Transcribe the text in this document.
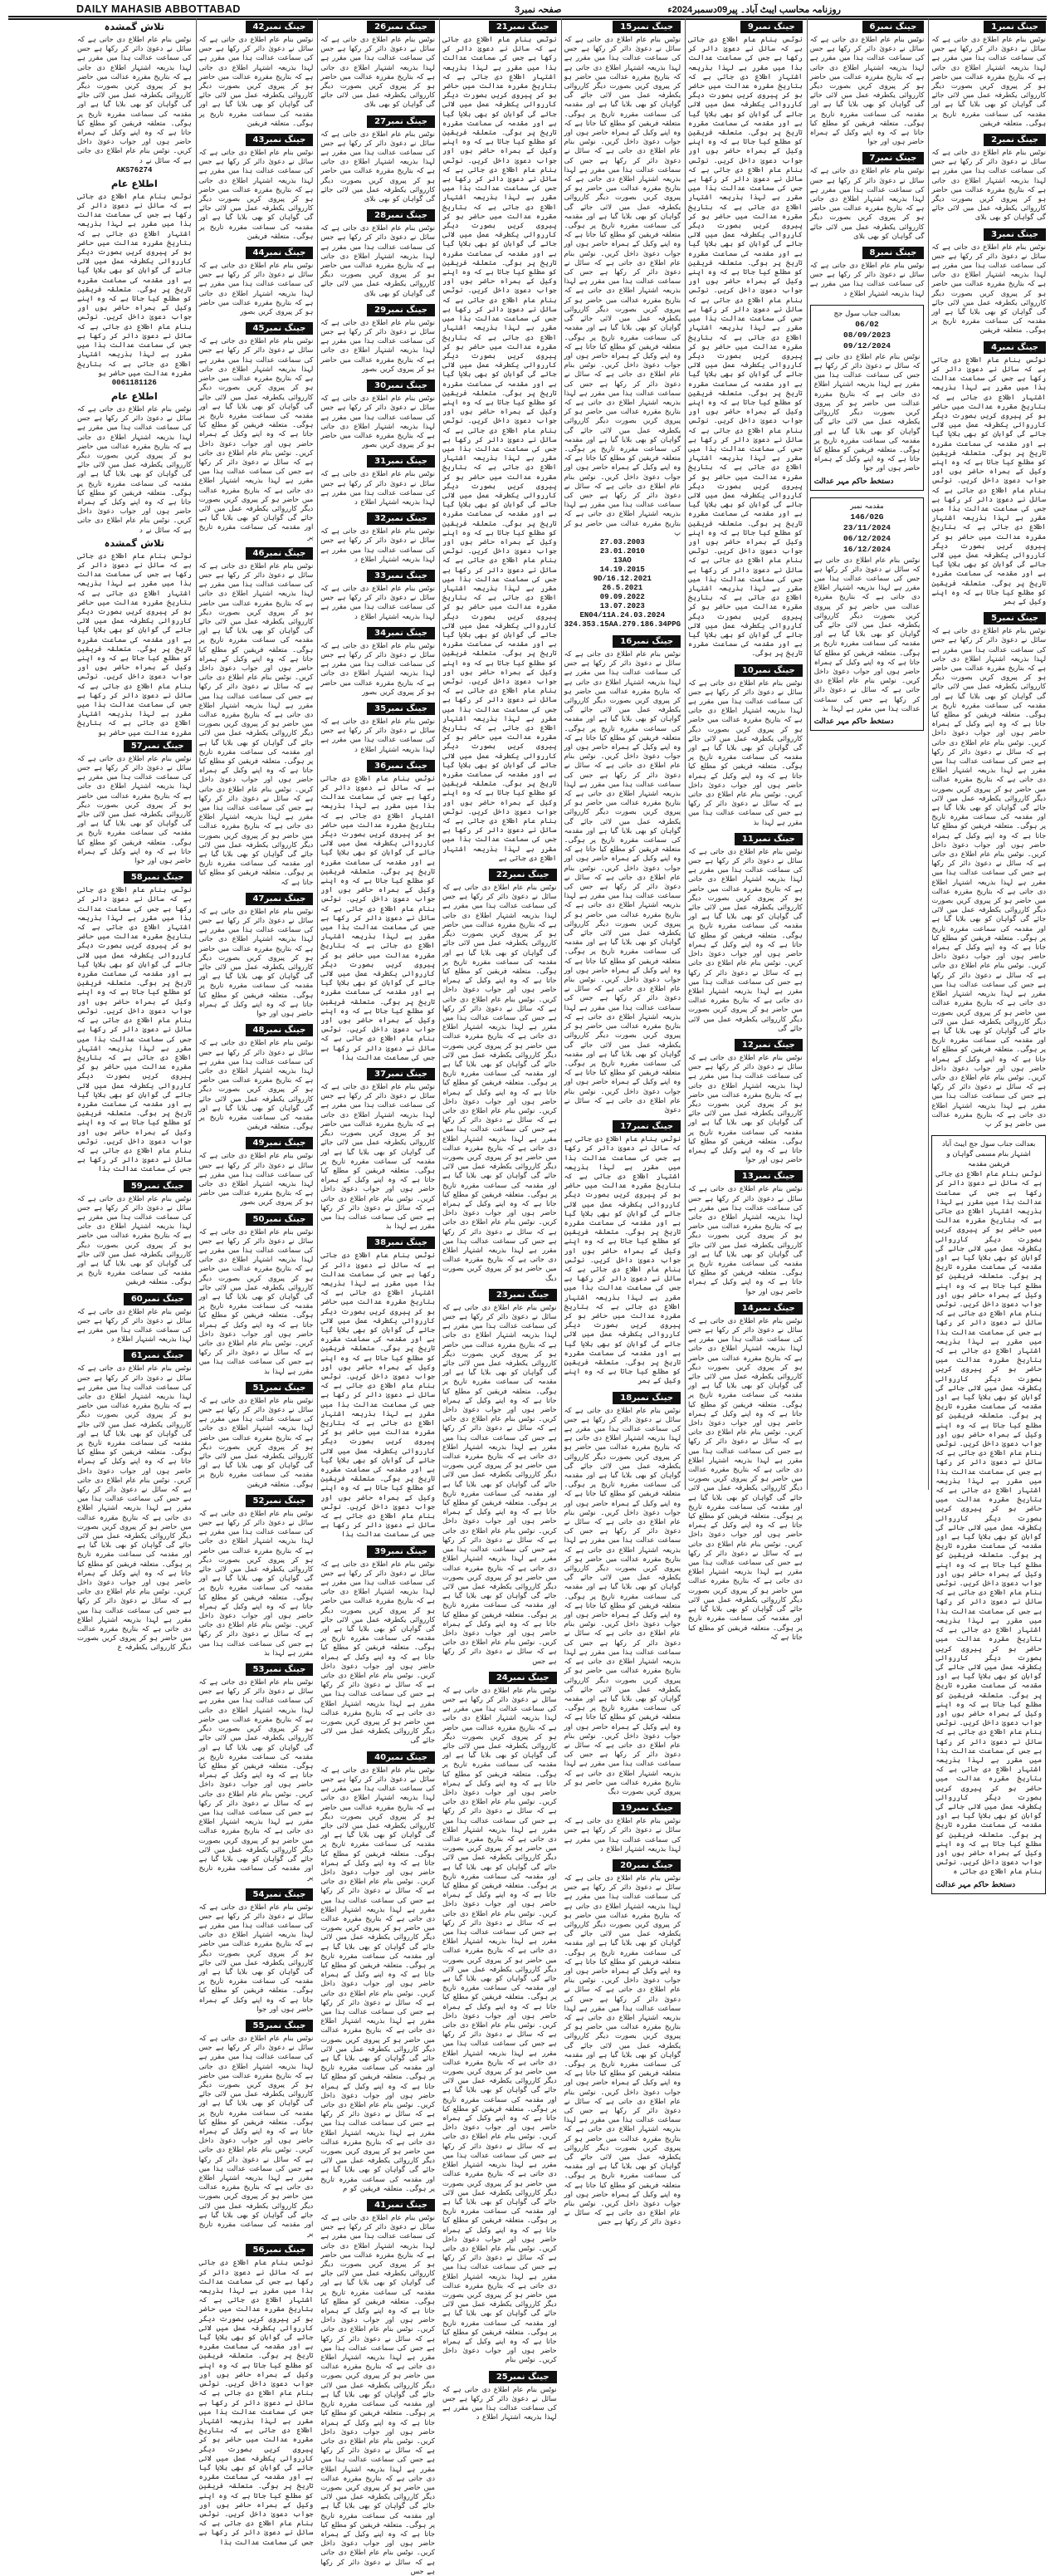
DAILY MAHASIB ABBOTTABAD	صفحہ نمبر3	روزنامہ محاسب ایبٹ آباد۔ پیر09دسمبر2024ء
جینگ نمبر1
نوٹس بنام عام اطلاع دی جاتی ہے کہ سائل نے دعویٰ دائر کر رکھا ہے جس کی سماعت عدالت ہذا میں مقرر ہے لہذا بذریعہ اشتہار اطلاع دی جاتی ہے کہ بتاریخ مقررہ عدالت میں حاضر ہو کر پیروی کریں بصورت دیگر کارروائی یکطرفہ عمل میں لائی جائے گی گواہان کو بھی بلایا گیا ہے اور مقدمہ کی سماعت مقررہ تاریخ پر ہوگی۔ متعلقہ فریقین
جینگ نمبر2
نوٹس بنام عام اطلاع دی جاتی ہے کہ سائل نے دعویٰ دائر کر رکھا ہے جس کی سماعت عدالت ہذا میں مقرر ہے لہذا بذریعہ اشتہار اطلاع دی جاتی ہے کہ بتاریخ مقررہ عدالت میں حاضر ہو کر پیروی کریں بصورت دیگر کارروائی یکطرفہ عمل میں لائی جائے گی گواہان کو بھی بلای
جینگ نمبر3
نوٹس بنام عام اطلاع دی جاتی ہے کہ سائل نے دعویٰ دائر کر رکھا ہے جس کی سماعت عدالت ہذا میں مقرر ہے لہذا بذریعہ اشتہار اطلاع دی جاتی ہے کہ بتاریخ مقررہ عدالت میں حاضر ہو کر پیروی کریں بصورت دیگر کارروائی یکطرفہ عمل میں لائی جائے گی گواہان کو بھی بلایا گیا ہے اور مقدمہ کی سماعت مقررہ تاریخ پر ہوگی۔ متعلقہ فریقین
جینگ نمبر4
نوٹس بنام عام اطلاع دی جاتی ہے کہ سائل نے دعویٰ دائر کر رکھا ہے جس کی سماعت عدالت ہذا میں مقرر ہے لہذا بذریعہ اشتہار اطلاع دی جاتی ہے کہ بتاریخ مقررہ عدالت میں حاضر ہو کر پیروی کریں بصورت دیگر کارروائی یکطرفہ عمل میں لائی جائے گی گواہان کو بھی بلایا گیا ہے اور مقدمہ کی سماعت مقررہ تاریخ پر ہوگی۔ متعلقہ فریقین کو مطلع کیا جاتا ہے کہ وہ اپنے وکیل کے ہمراہ حاضر ہوں اور جواب دعویٰ داخل کریں۔ نوٹس بنام عام اطلاع دی جاتی ہے کہ سائل نے دعویٰ دائر کر رکھا ہے جس کی سماعت عدالت ہذا میں مقرر ہے لہذا بذریعہ اشتہار اطلاع دی جاتی ہے کہ بتاریخ مقررہ عدالت میں حاضر ہو کر پیروی کریں بصورت دیگر کارروائی یکطرفہ عمل میں لائی جائے گی گواہان کو بھی بلایا گیا ہے اور مقدمہ کی سماعت مقررہ تاریخ پر ہوگی۔ متعلقہ فریقین کو مطلع کیا جاتا ہے کہ وہ اپنے وکیل کے ہمر
جینگ نمبر5
نوٹس بنام عام اطلاع دی جاتی ہے کہ سائل نے دعویٰ دائر کر رکھا ہے جس کی سماعت عدالت ہذا میں مقرر ہے لہذا بذریعہ اشتہار اطلاع دی جاتی ہے کہ بتاریخ مقررہ عدالت میں حاضر ہو کر پیروی کریں بصورت دیگر کارروائی یکطرفہ عمل میں لائی جائے گی گواہان کو بھی بلایا گیا ہے اور مقدمہ کی سماعت مقررہ تاریخ پر ہوگی۔ متعلقہ فریقین کو مطلع کیا جاتا ہے کہ وہ اپنے وکیل کے ہمراہ حاضر ہوں اور جواب دعویٰ داخل کریں۔ نوٹس بنام عام اطلاع دی جاتی ہے کہ سائل نے دعویٰ دائر کر رکھا ہے جس کی سماعت عدالت ہذا میں مقرر ہے لہذا بذریعہ اشتہار اطلاع دی جاتی ہے کہ بتاریخ مقررہ عدالت میں حاضر ہو کر پیروی کریں بصورت دیگر کارروائی یکطرفہ عمل میں لائی جائے گی گواہان کو بھی بلایا گیا ہے اور مقدمہ کی سماعت مقررہ تاریخ پر ہوگی۔ متعلقہ فریقین کو مطلع کیا جاتا ہے کہ وہ اپنے وکیل کے ہمراہ حاضر ہوں اور جواب دعویٰ داخل کریں۔ نوٹس بنام عام اطلاع دی جاتی ہے کہ سائل نے دعویٰ دائر کر رکھا ہے جس کی سماعت عدالت ہذا میں مقرر ہے لہذا بذریعہ اشتہار اطلاع دی جاتی ہے کہ بتاریخ مقررہ عدالت میں حاضر ہو کر پیروی کریں بصورت دیگر کارروائی یکطرفہ عمل میں لائی جائے گی گواہان کو بھی بلایا گیا ہے اور مقدمہ کی سماعت مقررہ تاریخ پر ہوگی۔ متعلقہ فریقین کو مطلع کیا جاتا ہے کہ وہ اپنے وکیل کے ہمراہ حاضر ہوں اور جواب دعویٰ داخل کریں۔ نوٹس بنام عام اطلاع دی جاتی ہے کہ سائل نے دعویٰ دائر کر رکھا ہے جس کی سماعت عدالت ہذا میں مقرر ہے لہذا بذریعہ اشتہار اطلاع دی جاتی ہے کہ بتاریخ مقررہ عدالت میں حاضر ہو کر پیروی کریں بصورت دیگر کارروائی یکطرفہ عمل میں لائی جائے گی گواہان کو بھی بلایا گیا ہے اور مقدمہ کی سماعت مقررہ تاریخ پر ہوگی۔ متعلقہ فریقین کو مطلع کیا جاتا ہے کہ وہ اپنے وکیل کے ہمراہ حاضر ہوں اور جواب دعویٰ داخل کریں۔ نوٹس بنام عام اطلاع دی جاتی ہے کہ سائل نے دعویٰ دائر کر رکھا ہے جس کی سماعت عدالت ہذا میں مقرر ہے لہذا بذریعہ اشتہار اطلاع دی جاتی ہے کہ بتاریخ مقررہ عدالت میں حاضر ہو کر پ
بعدالت جناب سول جج ایبٹ آباد اشتہار بنام مسمی گواہان و فریقین مقدمہ
نوٹس بنام عام اطلاع دی جاتی ہے کہ سائل نے دعویٰ دائر کر رکھا ہے جس کی سماعت عدالت ہذا میں مقرر ہے لہذا بذریعہ اشتہار اطلاع دی جاتی ہے کہ بتاریخ مقررہ عدالت میں حاضر ہو کر پیروی کریں بصورت دیگر کارروائی یکطرفہ عمل میں لائی جائے گی گواہان کو بھی بلایا گیا ہے اور مقدمہ کی سماعت مقررہ تاریخ پر ہوگی۔ متعلقہ فریقین کو مطلع کیا جاتا ہے کہ وہ اپنے وکیل کے ہمراہ حاضر ہوں اور جواب دعویٰ داخل کریں۔ نوٹس بنام عام اطلاع دی جاتی ہے کہ سائل نے دعویٰ دائر کر رکھا ہے جس کی سماعت عدالت ہذا میں مقرر ہے لہذا بذریعہ اشتہار اطلاع دی جاتی ہے کہ بتاریخ مقررہ عدالت میں حاضر ہو کر پیروی کریں بصورت دیگر کارروائی یکطرفہ عمل میں لائی جائے گی گواہان کو بھی بلایا گیا ہے اور مقدمہ کی سماعت مقررہ تاریخ پر ہوگی۔ متعلقہ فریقین کو مطلع کیا جاتا ہے کہ وہ اپنے وکیل کے ہمراہ حاضر ہوں اور جواب دعویٰ داخل کریں۔ نوٹس بنام عام اطلاع دی جاتی ہے کہ سائل نے دعویٰ دائر کر رکھا ہے جس کی سماعت عدالت ہذا میں مقرر ہے لہذا بذریعہ اشتہار اطلاع دی جاتی ہے کہ بتاریخ مقررہ عدالت میں حاضر ہو کر پیروی کریں بصورت دیگر کارروائی یکطرفہ عمل میں لائی جائے گی گواہان کو بھی بلایا گیا ہے اور مقدمہ کی سماعت مقررہ تاریخ پر ہوگی۔ متعلقہ فریقین کو مطلع کیا جاتا ہے کہ وہ اپنے وکیل کے ہمراہ حاضر ہوں اور جواب دعویٰ داخل کریں۔ نوٹس بنام عام اطلاع دی جاتی ہے کہ سائل نے دعویٰ دائر کر رکھا ہے جس کی سماعت عدالت ہذا میں مقرر ہے لہذا بذریعہ اشتہار اطلاع دی جاتی ہے کہ بتاریخ مقررہ عدالت میں حاضر ہو کر پیروی کریں بصورت دیگر کارروائی یکطرفہ عمل میں لائی جائے گی گواہان کو بھی بلایا گیا ہے اور مقدمہ کی سماعت مقررہ تاریخ پر ہوگی۔ متعلقہ فریقین کو مطلع کیا جاتا ہے کہ وہ اپنے وکیل کے ہمراہ حاضر ہوں اور جواب دعویٰ داخل کریں۔ نوٹس بنام عام اطلاع دی جاتی ہے کہ سائل نے دعویٰ دائر کر رکھا ہے جس کی سماعت عدالت ہذا میں مقرر ہے لہذا بذریعہ اشتہار اطلاع دی جاتی ہے کہ بتاریخ مقررہ عدالت میں حاضر ہو کر پیروی کریں بصورت دیگر کارروائی یکطرفہ عمل میں لائی جائے گی گواہان کو بھی بلایا گیا ہے اور مقدمہ کی سماعت مقررہ تاریخ پر ہوگی۔ متعلقہ فریقین کو مطلع کیا جاتا ہے کہ وہ اپنے وکیل کے ہمراہ حاضر ہوں اور جواب دعویٰ داخل کریں۔ نوٹس بنام عام اطلاع دی جاتی ہ
دستخط حاکم مہر عدالت
جینگ نمبر6
نوٹس بنام عام اطلاع دی جاتی ہے کہ سائل نے دعویٰ دائر کر رکھا ہے جس کی سماعت عدالت ہذا میں مقرر ہے لہذا بذریعہ اشتہار اطلاع دی جاتی ہے کہ بتاریخ مقررہ عدالت میں حاضر ہو کر پیروی کریں بصورت دیگر کارروائی یکطرفہ عمل میں لائی جائے گی گواہان کو بھی بلایا گیا ہے اور مقدمہ کی سماعت مقررہ تاریخ پر ہوگی۔ متعلقہ فریقین کو مطلع کیا جاتا ہے کہ وہ اپنے وکیل کے ہمراہ حاضر ہوں اور جوا
جینگ نمبر7
نوٹس بنام عام اطلاع دی جاتی ہے کہ سائل نے دعویٰ دائر کر رکھا ہے جس کی سماعت عدالت ہذا میں مقرر ہے لہذا بذریعہ اشتہار اطلاع دی جاتی ہے کہ بتاریخ مقررہ عدالت میں حاضر ہو کر پیروی کریں بصورت دیگر کارروائی یکطرفہ عمل میں لائی جائے گی گواہان کو بھی بلای
جینگ نمبر8
نوٹس بنام عام اطلاع دی جاتی ہے کہ سائل نے دعویٰ دائر کر رکھا ہے جس کی سماعت عدالت ہذا میں مقرر ہے لہذا بذریعہ اشتہار اطلاع د
بعدالت جناب سول جج
06/02
08/09/2023
09/12/2024
نوٹس بنام عام اطلاع دی جاتی ہے کہ سائل نے دعویٰ دائر کر رکھا ہے جس کی سماعت عدالت ہذا میں مقرر ہے لہذا بذریعہ اشتہار اطلاع دی جاتی ہے کہ بتاریخ مقررہ عدالت میں حاضر ہو کر پیروی کریں بصورت دیگر کارروائی یکطرفہ عمل میں لائی جائے گی گواہان کو بھی بلایا گیا ہے اور مقدمہ کی سماعت مقررہ تاریخ پر ہوگی۔ متعلقہ فریقین کو مطلع کیا جاتا ہے کہ وہ اپنے وکیل کے ہمراہ حاضر ہوں اور جوا
دستخط حاکم مہر عدالت
مقدمہ نمبر
146/02G
23/11/2024
06/12/2024
16/12/2024
نوٹس بنام عام اطلاع دی جاتی ہے کہ سائل نے دعویٰ دائر کر رکھا ہے جس کی سماعت عدالت ہذا میں مقرر ہے لہذا بذریعہ اشتہار اطلاع دی جاتی ہے کہ بتاریخ مقررہ عدالت میں حاضر ہو کر پیروی کریں بصورت دیگر کارروائی یکطرفہ عمل میں لائی جائے گی گواہان کو بھی بلایا گیا ہے اور مقدمہ کی سماعت مقررہ تاریخ پر ہوگی۔ متعلقہ فریقین کو مطلع کیا جاتا ہے کہ وہ اپنے وکیل کے ہمراہ حاضر ہوں اور جواب دعویٰ داخل کریں۔ نوٹس بنام عام اطلاع دی جاتی ہے کہ سائل نے دعویٰ دائر کر رکھا ہے جس کی سماعت عدالت ہذا میں مقرر ہے لہذا بذ
دستخط حاکم مہر عدالت
جینگ نمبر9
نوٹس بنام عام اطلاع دی جاتی ہے کہ سائل نے دعویٰ دائر کر رکھا ہے جس کی سماعت عدالت ہذا میں مقرر ہے لہذا بذریعہ اشتہار اطلاع دی جاتی ہے کہ بتاریخ مقررہ عدالت میں حاضر ہو کر پیروی کریں بصورت دیگر کارروائی یکطرفہ عمل میں لائی جائے گی گواہان کو بھی بلایا گیا ہے اور مقدمہ کی سماعت مقررہ تاریخ پر ہوگی۔ متعلقہ فریقین کو مطلع کیا جاتا ہے کہ وہ اپنے وکیل کے ہمراہ حاضر ہوں اور جواب دعویٰ داخل کریں۔ نوٹس بنام عام اطلاع دی جاتی ہے کہ سائل نے دعویٰ دائر کر رکھا ہے جس کی سماعت عدالت ہذا میں مقرر ہے لہذا بذریعہ اشتہار اطلاع دی جاتی ہے کہ بتاریخ مقررہ عدالت میں حاضر ہو کر پیروی کریں بصورت دیگر کارروائی یکطرفہ عمل میں لائی جائے گی گواہان کو بھی بلایا گیا ہے اور مقدمہ کی سماعت مقررہ تاریخ پر ہوگی۔ متعلقہ فریقین کو مطلع کیا جاتا ہے کہ وہ اپنے وکیل کے ہمراہ حاضر ہوں اور جواب دعویٰ داخل کریں۔ نوٹس بنام عام اطلاع دی جاتی ہے کہ سائل نے دعویٰ دائر کر رکھا ہے جس کی سماعت عدالت ہذا میں مقرر ہے لہذا بذریعہ اشتہار اطلاع دی جاتی ہے کہ بتاریخ مقررہ عدالت میں حاضر ہو کر پیروی کریں بصورت دیگر کارروائی یکطرفہ عمل میں لائی جائے گی گواہان کو بھی بلایا گیا ہے اور مقدمہ کی سماعت مقررہ تاریخ پر ہوگی۔ متعلقہ فریقین کو مطلع کیا جاتا ہے کہ وہ اپنے وکیل کے ہمراہ حاضر ہوں اور جواب دعویٰ داخل کریں۔ نوٹس بنام عام اطلاع دی جاتی ہے کہ سائل نے دعویٰ دائر کر رکھا ہے جس کی سماعت عدالت ہذا میں مقرر ہے لہذا بذریعہ اشتہار اطلاع دی جاتی ہے کہ بتاریخ مقررہ عدالت میں حاضر ہو کر پیروی کریں بصورت دیگر کارروائی یکطرفہ عمل میں لائی جائے گی گواہان کو بھی بلایا گیا ہے اور مقدمہ کی سماعت مقررہ تاریخ پر ہوگی۔ متعلقہ فریقین کو مطلع کیا جاتا ہے کہ وہ اپنے وکیل کے ہمراہ حاضر ہوں اور جواب دعویٰ داخل کریں۔ نوٹس بنام عام اطلاع دی جاتی ہے کہ سائل نے دعویٰ دائر کر رکھا ہے جس کی سماعت عدالت ہذا میں مقرر ہے لہذا بذریعہ اشتہار اطلاع دی جاتی ہے کہ بتاریخ مقررہ عدالت میں حاضر ہو کر پیروی کریں بصورت دیگر کارروائی یکطرفہ عمل میں لائی جائے گی گواہان کو بھی بلایا گیا ہے اور مقدمہ کی سماعت مقررہ تاریخ پر ہوگی۔
جینگ نمبر10
نوٹس بنام عام اطلاع دی جاتی ہے کہ سائل نے دعویٰ دائر کر رکھا ہے جس کی سماعت عدالت ہذا میں مقرر ہے لہذا بذریعہ اشتہار اطلاع دی جاتی ہے کہ بتاریخ مقررہ عدالت میں حاضر ہو کر پیروی کریں بصورت دیگر کارروائی یکطرفہ عمل میں لائی جائے گی گواہان کو بھی بلایا گیا ہے اور مقدمہ کی سماعت مقررہ تاریخ پر ہوگی۔ متعلقہ فریقین کو مطلع کیا جاتا ہے کہ وہ اپنے وکیل کے ہمراہ حاضر ہوں اور جواب دعویٰ داخل کریں۔ نوٹس بنام عام اطلاع دی جاتی ہے کہ سائل نے دعویٰ دائر کر رکھا ہے جس کی سماعت عدالت ہذا میں مقرر ہے لہذا بذ
جینگ نمبر11
نوٹس بنام عام اطلاع دی جاتی ہے کہ سائل نے دعویٰ دائر کر رکھا ہے جس کی سماعت عدالت ہذا میں مقرر ہے لہذا بذریعہ اشتہار اطلاع دی جاتی ہے کہ بتاریخ مقررہ عدالت میں حاضر ہو کر پیروی کریں بصورت دیگر کارروائی یکطرفہ عمل میں لائی جائے گی گواہان کو بھی بلایا گیا ہے اور مقدمہ کی سماعت مقررہ تاریخ پر ہوگی۔ متعلقہ فریقین کو مطلع کیا جاتا ہے کہ وہ اپنے وکیل کے ہمراہ حاضر ہوں اور جواب دعویٰ داخل کریں۔ نوٹس بنام عام اطلاع دی جاتی ہے کہ سائل نے دعویٰ دائر کر رکھا ہے جس کی سماعت عدالت ہذا میں مقرر ہے لہذا بذریعہ اشتہار اطلاع دی جاتی ہے کہ بتاریخ مقررہ عدالت میں حاضر ہو کر پیروی کریں بصورت دیگر کارروائی یکطرفہ عمل میں لائی جائے گی
جینگ نمبر12
نوٹس بنام عام اطلاع دی جاتی ہے کہ سائل نے دعویٰ دائر کر رکھا ہے جس کی سماعت عدالت ہذا میں مقرر ہے لہذا بذریعہ اشتہار اطلاع دی جاتی ہے کہ بتاریخ مقررہ عدالت میں حاضر ہو کر پیروی کریں بصورت دیگر کارروائی یکطرفہ عمل میں لائی جائے گی گواہان کو بھی بلایا گیا ہے اور مقدمہ کی سماعت مقررہ تاریخ پر ہوگی۔ متعلقہ فریقین کو مطلع کیا جاتا ہے کہ وہ اپنے وکیل کے ہمراہ حاضر ہوں اور جوا
جینگ نمبر13
نوٹس بنام عام اطلاع دی جاتی ہے کہ سائل نے دعویٰ دائر کر رکھا ہے جس کی سماعت عدالت ہذا میں مقرر ہے لہذا بذریعہ اشتہار اطلاع دی جاتی ہے کہ بتاریخ مقررہ عدالت میں حاضر ہو کر پیروی کریں بصورت دیگر کارروائی یکطرفہ عمل میں لائی جائے گی گواہان کو بھی بلایا گیا ہے اور مقدمہ کی سماعت مقررہ تاریخ پر ہوگی۔ متعلقہ فریقین کو مطلع کیا جاتا ہے کہ وہ اپنے وکیل کے ہمراہ حاضر ہوں اور جوا
جینگ نمبر14
نوٹس بنام عام اطلاع دی جاتی ہے کہ سائل نے دعویٰ دائر کر رکھا ہے جس کی سماعت عدالت ہذا میں مقرر ہے لہذا بذریعہ اشتہار اطلاع دی جاتی ہے کہ بتاریخ مقررہ عدالت میں حاضر ہو کر پیروی کریں بصورت دیگر کارروائی یکطرفہ عمل میں لائی جائے گی گواہان کو بھی بلایا گیا ہے اور مقدمہ کی سماعت مقررہ تاریخ پر ہوگی۔ متعلقہ فریقین کو مطلع کیا جاتا ہے کہ وہ اپنے وکیل کے ہمراہ حاضر ہوں اور جواب دعویٰ داخل کریں۔ نوٹس بنام عام اطلاع دی جاتی ہے کہ سائل نے دعویٰ دائر کر رکھا ہے جس کی سماعت عدالت ہذا میں مقرر ہے لہذا بذریعہ اشتہار اطلاع دی جاتی ہے کہ بتاریخ مقررہ عدالت میں حاضر ہو کر پیروی کریں بصورت دیگر کارروائی یکطرفہ عمل میں لائی جائے گی گواہان کو بھی بلایا گیا ہے اور مقدمہ کی سماعت مقررہ تاریخ پر ہوگی۔ متعلقہ فریقین کو مطلع کیا جاتا ہے کہ وہ اپنے وکیل کے ہمراہ حاضر ہوں اور جواب دعویٰ داخل کریں۔ نوٹس بنام عام اطلاع دی جاتی ہے کہ سائل نے دعویٰ دائر کر رکھا ہے جس کی سماعت عدالت ہذا میں مقرر ہے لہذا بذریعہ اشتہار اطلاع دی جاتی ہے کہ بتاریخ مقررہ عدالت میں حاضر ہو کر پیروی کریں بصورت دیگر کارروائی یکطرفہ عمل میں لائی جائے گی گواہان کو بھی بلایا گیا ہے اور مقدمہ کی سماعت مقررہ تاریخ پر ہوگی۔ متعلقہ فریقین کو مطلع کیا جاتا ہے کہ
جینگ نمبر15
نوٹس بنام عام اطلاع دی جاتی ہے کہ سائل نے دعویٰ دائر کر رکھا ہے جس کی سماعت عدالت ہذا میں مقرر ہے لہذا بذریعہ اشتہار اطلاع دی جاتی ہے کہ بتاریخ مقررہ عدالت میں حاضر ہو کر پیروی کریں بصورت دیگر کارروائی یکطرفہ عمل میں لائی جائے گی گواہان کو بھی بلایا گیا ہے اور مقدمہ کی سماعت مقررہ تاریخ پر ہوگی۔ متعلقہ فریقین کو مطلع کیا جاتا ہے کہ وہ اپنے وکیل کے ہمراہ حاضر ہوں اور جواب دعویٰ داخل کریں۔ نوٹس بنام عام اطلاع دی جاتی ہے کہ سائل نے دعویٰ دائر کر رکھا ہے جس کی سماعت عدالت ہذا میں مقرر ہے لہذا بذریعہ اشتہار اطلاع دی جاتی ہے کہ بتاریخ مقررہ عدالت میں حاضر ہو کر پیروی کریں بصورت دیگر کارروائی یکطرفہ عمل میں لائی جائے گی گواہان کو بھی بلایا گیا ہے اور مقدمہ کی سماعت مقررہ تاریخ پر ہوگی۔ متعلقہ فریقین کو مطلع کیا جاتا ہے کہ وہ اپنے وکیل کے ہمراہ حاضر ہوں اور جواب دعویٰ داخل کریں۔ نوٹس بنام عام اطلاع دی جاتی ہے کہ سائل نے دعویٰ دائر کر رکھا ہے جس کی سماعت عدالت ہذا میں مقرر ہے لہذا بذریعہ اشتہار اطلاع دی جاتی ہے کہ بتاریخ مقررہ عدالت میں حاضر ہو کر پیروی کریں بصورت دیگر کارروائی یکطرفہ عمل میں لائی جائے گی گواہان کو بھی بلایا گیا ہے اور مقدمہ کی سماعت مقررہ تاریخ پر ہوگی۔ متعلقہ فریقین کو مطلع کیا جاتا ہے کہ وہ اپنے وکیل کے ہمراہ حاضر ہوں اور جواب دعویٰ داخل کریں۔ نوٹس بنام عام اطلاع دی جاتی ہے کہ سائل نے دعویٰ دائر کر رکھا ہے جس کی سماعت عدالت ہذا میں مقرر ہے لہذا بذریعہ اشتہار اطلاع دی جاتی ہے کہ بتاریخ مقررہ عدالت میں حاضر ہو کر پیروی کریں بصورت دیگر کارروائی یکطرفہ عمل میں لائی جائے گی گواہان کو بھی بلایا گیا ہے اور مقدمہ کی سماعت مقررہ تاریخ پر ہوگی۔ متعلقہ فریقین کو مطلع کیا جاتا ہے کہ وہ اپنے وکیل کے ہمراہ حاضر ہوں اور جواب دعویٰ داخل کریں۔ نوٹس بنام عام اطلاع دی جاتی ہے کہ سائل نے دعویٰ دائر کر رکھا ہے جس کی سماعت عدالت ہذا میں مقرر ہے لہذا بذریعہ اشتہار اطلاع دی جاتی ہے کہ بتاریخ مقررہ عدالت میں حاضر ہو کر پ
27.03.2003
23.01.2010
13AO
14.19.2015
9D/16.12.2021
26.5.2021
09.09.2022
13.07.2023
EN04/11A.24.03.2024
324.353.15AA.279.186.34PPG
جینگ نمبر16
نوٹس بنام عام اطلاع دی جاتی ہے کہ سائل نے دعویٰ دائر کر رکھا ہے جس کی سماعت عدالت ہذا میں مقرر ہے لہذا بذریعہ اشتہار اطلاع دی جاتی ہے کہ بتاریخ مقررہ عدالت میں حاضر ہو کر پیروی کریں بصورت دیگر کارروائی یکطرفہ عمل میں لائی جائے گی گواہان کو بھی بلایا گیا ہے اور مقدمہ کی سماعت مقررہ تاریخ پر ہوگی۔ متعلقہ فریقین کو مطلع کیا جاتا ہے کہ وہ اپنے وکیل کے ہمراہ حاضر ہوں اور جواب دعویٰ داخل کریں۔ نوٹس بنام عام اطلاع دی جاتی ہے کہ سائل نے دعویٰ دائر کر رکھا ہے جس کی سماعت عدالت ہذا میں مقرر ہے لہذا بذریعہ اشتہار اطلاع دی جاتی ہے کہ بتاریخ مقررہ عدالت میں حاضر ہو کر پیروی کریں بصورت دیگر کارروائی یکطرفہ عمل میں لائی جائے گی گواہان کو بھی بلایا گیا ہے اور مقدمہ کی سماعت مقررہ تاریخ پر ہوگی۔ متعلقہ فریقین کو مطلع کیا جاتا ہے کہ وہ اپنے وکیل کے ہمراہ حاضر ہوں اور جواب دعویٰ داخل کریں۔ نوٹس بنام عام اطلاع دی جاتی ہے کہ سائل نے دعویٰ دائر کر رکھا ہے جس کی سماعت عدالت ہذا میں مقرر ہے لہذا بذریعہ اشتہار اطلاع دی جاتی ہے کہ بتاریخ مقررہ عدالت میں حاضر ہو کر پیروی کریں بصورت دیگر کارروائی یکطرفہ عمل میں لائی جائے گی گواہان کو بھی بلایا گیا ہے اور مقدمہ کی سماعت مقررہ تاریخ پر ہوگی۔ متعلقہ فریقین کو مطلع کیا جاتا ہے کہ وہ اپنے وکیل کے ہمراہ حاضر ہوں اور جواب دعویٰ داخل کریں۔ نوٹس بنام عام اطلاع دی جاتی ہے کہ سائل نے دعویٰ دائر کر رکھا ہے جس کی سماعت عدالت ہذا میں مقرر ہے لہذا بذریعہ اشتہار اطلاع دی جاتی ہے کہ بتاریخ مقررہ عدالت میں حاضر ہو کر پیروی کریں بصورت دیگر کارروائی یکطرفہ عمل میں لائی جائے گی گواہان کو بھی بلایا گیا ہے اور مقدمہ کی سماعت مقررہ تاریخ پر ہوگی۔ متعلقہ فریقین کو مطلع کیا جاتا ہے کہ وہ اپنے وکیل کے ہمراہ حاضر ہوں اور جواب دعویٰ داخل کریں۔ نوٹس بنام عام اطلاع دی جاتی ہے کہ سائل نے دعویٰ
جینگ نمبر17
نوٹس بنام عام اطلاع دی جاتی ہے کہ سائل نے دعویٰ دائر کر رکھا ہے جس کی سماعت عدالت ہذا میں مقرر ہے لہذا بذریعہ اشتہار اطلاع دی جاتی ہے کہ بتاریخ مقررہ عدالت میں حاضر ہو کر پیروی کریں بصورت دیگر کارروائی یکطرفہ عمل میں لائی جائے گی گواہان کو بھی بلایا گیا ہے اور مقدمہ کی سماعت مقررہ تاریخ پر ہوگی۔ متعلقہ فریقین کو مطلع کیا جاتا ہے کہ وہ اپنے وکیل کے ہمراہ حاضر ہوں اور جواب دعویٰ داخل کریں۔ نوٹس بنام عام اطلاع دی جاتی ہے کہ سائل نے دعویٰ دائر کر رکھا ہے جس کی سماعت عدالت ہذا میں مقرر ہے لہذا بذریعہ اشتہار اطلاع دی جاتی ہے کہ بتاریخ مقررہ عدالت میں حاضر ہو کر پیروی کریں بصورت دیگر کارروائی یکطرفہ عمل میں لائی جائے گی گواہان کو بھی بلایا گیا ہے اور مقدمہ کی سماعت مقررہ تاریخ پر ہوگی۔ متعلقہ فریقین کو مطلع کیا جاتا ہے کہ وہ اپنے وکیل کے ہمر
جینگ نمبر18
نوٹس بنام عام اطلاع دی جاتی ہے کہ سائل نے دعویٰ دائر کر رکھا ہے جس کی سماعت عدالت ہذا میں مقرر ہے لہذا بذریعہ اشتہار اطلاع دی جاتی ہے کہ بتاریخ مقررہ عدالت میں حاضر ہو کر پیروی کریں بصورت دیگر کارروائی یکطرفہ عمل میں لائی جائے گی گواہان کو بھی بلایا گیا ہے اور مقدمہ کی سماعت مقررہ تاریخ پر ہوگی۔ متعلقہ فریقین کو مطلع کیا جاتا ہے کہ وہ اپنے وکیل کے ہمراہ حاضر ہوں اور جواب دعویٰ داخل کریں۔ نوٹس بنام عام اطلاع دی جاتی ہے کہ سائل نے دعویٰ دائر کر رکھا ہے جس کی سماعت عدالت ہذا میں مقرر ہے لہذا بذریعہ اشتہار اطلاع دی جاتی ہے کہ بتاریخ مقررہ عدالت میں حاضر ہو کر پیروی کریں بصورت دیگر کارروائی یکطرفہ عمل میں لائی جائے گی گواہان کو بھی بلایا گیا ہے اور مقدمہ کی سماعت مقررہ تاریخ پر ہوگی۔ متعلقہ فریقین کو مطلع کیا جاتا ہے کہ وہ اپنے وکیل کے ہمراہ حاضر ہوں اور جواب دعویٰ داخل کریں۔ نوٹس بنام عام اطلاع دی جاتی ہے کہ سائل نے دعویٰ دائر کر رکھا ہے جس کی سماعت عدالت ہذا میں مقرر ہے لہذا بذریعہ اشتہار اطلاع دی جاتی ہے کہ بتاریخ مقررہ عدالت میں حاضر ہو کر پیروی کریں بصورت دیگر کارروائی یکطرفہ عمل میں لائی جائے گی گواہان کو بھی بلایا گیا ہے اور مقدمہ کی سماعت مقررہ تاریخ پر ہوگی۔ متعلقہ فریقین کو مطلع کیا جاتا ہے کہ وہ اپنے وکیل کے ہمراہ حاضر ہوں اور جواب دعویٰ داخل کریں۔ نوٹس بنام عام اطلاع دی جاتی ہے کہ سائل نے دعویٰ دائر کر رکھا ہے جس کی سماعت عدالت ہذا میں مقرر ہے لہذا بذریعہ اشتہار اطلاع دی جاتی ہے کہ بتاریخ مقررہ عدالت میں حاضر ہو کر پیروی کریں بصورت دیگ
جینگ نمبر19
نوٹس بنام عام اطلاع دی جاتی ہے کہ سائل نے دعویٰ دائر کر رکھا ہے جس کی سماعت عدالت ہذا میں مقرر ہے لہذا بذریعہ اشتہار اطلاع د
جینگ نمبر20
نوٹس بنام عام اطلاع دی جاتی ہے کہ سائل نے دعویٰ دائر کر رکھا ہے جس کی سماعت عدالت ہذا میں مقرر ہے لہذا بذریعہ اشتہار اطلاع دی جاتی ہے کہ بتاریخ مقررہ عدالت میں حاضر ہو کر پیروی کریں بصورت دیگر کارروائی یکطرفہ عمل میں لائی جائے گی گواہان کو بھی بلایا گیا ہے اور مقدمہ کی سماعت مقررہ تاریخ پر ہوگی۔ متعلقہ فریقین کو مطلع کیا جاتا ہے کہ وہ اپنے وکیل کے ہمراہ حاضر ہوں اور جواب دعویٰ داخل کریں۔ نوٹس بنام عام اطلاع دی جاتی ہے کہ سائل نے دعویٰ دائر کر رکھا ہے جس کی سماعت عدالت ہذا میں مقرر ہے لہذا بذریعہ اشتہار اطلاع دی جاتی ہے کہ بتاریخ مقررہ عدالت میں حاضر ہو کر پیروی کریں بصورت دیگر کارروائی یکطرفہ عمل میں لائی جائے گی گواہان کو بھی بلایا گیا ہے اور مقدمہ کی سماعت مقررہ تاریخ پر ہوگی۔ متعلقہ فریقین کو مطلع کیا جاتا ہے کہ وہ اپنے وکیل کے ہمراہ حاضر ہوں اور جواب دعویٰ داخل کریں۔ نوٹس بنام عام اطلاع دی جاتی ہے کہ سائل نے دعویٰ دائر کر رکھا ہے جس کی سماعت عدالت ہذا میں مقرر ہے لہذا بذریعہ اشتہار اطلاع دی جاتی ہے کہ بتاریخ مقررہ عدالت میں حاضر ہو کر پیروی کریں بصورت دیگر کارروائی یکطرفہ عمل میں لائی جائے گی گواہان کو بھی بلایا گیا ہے اور مقدمہ کی سماعت مقررہ تاریخ پر ہوگی۔ متعلقہ فریقین کو مطلع کیا جاتا ہے کہ وہ اپنے وکیل کے ہمراہ حاضر ہوں اور جواب دعویٰ داخل کریں۔ نوٹس بنام عام اطلاع دی جاتی ہے کہ سائل نے دعویٰ دائر کر رکھا ہے جس
جینگ نمبر21
نوٹس بنام عام اطلاع دی جاتی ہے کہ سائل نے دعویٰ دائر کر رکھا ہے جس کی سماعت عدالت ہذا میں مقرر ہے لہذا بذریعہ اشتہار اطلاع دی جاتی ہے کہ بتاریخ مقررہ عدالت میں حاضر ہو کر پیروی کریں بصورت دیگر کارروائی یکطرفہ عمل میں لائی جائے گی گواہان کو بھی بلایا گیا ہے اور مقدمہ کی سماعت مقررہ تاریخ پر ہوگی۔ متعلقہ فریقین کو مطلع کیا جاتا ہے کہ وہ اپنے وکیل کے ہمراہ حاضر ہوں اور جواب دعویٰ داخل کریں۔ نوٹس بنام عام اطلاع دی جاتی ہے کہ سائل نے دعویٰ دائر کر رکھا ہے جس کی سماعت عدالت ہذا میں مقرر ہے لہذا بذریعہ اشتہار اطلاع دی جاتی ہے کہ بتاریخ مقررہ عدالت میں حاضر ہو کر پیروی کریں بصورت دیگر کارروائی یکطرفہ عمل میں لائی جائے گی گواہان کو بھی بلایا گیا ہے اور مقدمہ کی سماعت مقررہ تاریخ پر ہوگی۔ متعلقہ فریقین کو مطلع کیا جاتا ہے کہ وہ اپنے وکیل کے ہمراہ حاضر ہوں اور جواب دعویٰ داخل کریں۔ نوٹس بنام عام اطلاع دی جاتی ہے کہ سائل نے دعویٰ دائر کر رکھا ہے جس کی سماعت عدالت ہذا میں مقرر ہے لہذا بذریعہ اشتہار اطلاع دی جاتی ہے کہ بتاریخ مقررہ عدالت میں حاضر ہو کر پیروی کریں بصورت دیگر کارروائی یکطرفہ عمل میں لائی جائے گی گواہان کو بھی بلایا گیا ہے اور مقدمہ کی سماعت مقررہ تاریخ پر ہوگی۔ متعلقہ فریقین کو مطلع کیا جاتا ہے کہ وہ اپنے وکیل کے ہمراہ حاضر ہوں اور جواب دعویٰ داخل کریں۔ نوٹس بنام عام اطلاع دی جاتی ہے کہ سائل نے دعویٰ دائر کر رکھا ہے جس کی سماعت عدالت ہذا میں مقرر ہے لہذا بذریعہ اشتہار اطلاع دی جاتی ہے کہ بتاریخ مقررہ عدالت میں حاضر ہو کر پیروی کریں بصورت دیگر کارروائی یکطرفہ عمل میں لائی جائے گی گواہان کو بھی بلایا گیا ہے اور مقدمہ کی سماعت مقررہ تاریخ پر ہوگی۔ متعلقہ فریقین کو مطلع کیا جاتا ہے کہ وہ اپنے وکیل کے ہمراہ حاضر ہوں اور جواب دعویٰ داخل کریں۔ نوٹس بنام عام اطلاع دی جاتی ہے کہ سائل نے دعویٰ دائر کر رکھا ہے جس کی سماعت عدالت ہذا میں مقرر ہے لہذا بذریعہ اشتہار اطلاع دی جاتی ہے کہ بتاریخ مقررہ عدالت میں حاضر ہو کر پیروی کریں بصورت دیگر کارروائی یکطرفہ عمل میں لائی جائے گی گواہان کو بھی بلایا گیا ہے اور مقدمہ کی سماعت مقررہ تاریخ پر ہوگی۔ متعلقہ فریقین کو مطلع کیا جاتا ہے کہ وہ اپنے وکیل کے ہمراہ حاضر ہوں اور جواب دعویٰ داخل کریں۔ نوٹس بنام عام اطلاع دی جاتی ہے کہ سائل نے دعویٰ دائر کر رکھا ہے جس کی سماعت عدالت ہذا میں مقرر ہے لہذا بذریعہ اشتہار اطلاع دی جاتی ہے کہ بتاریخ مقررہ عدالت میں حاضر ہو کر پیروی کریں بصورت دیگر کارروائی یکطرفہ عمل میں لائی جائے گی گواہان کو بھی بلایا گیا ہے اور مقدمہ کی سماعت مقررہ تاریخ پر ہوگی۔ متعلقہ فریقین کو مطلع کیا جاتا ہے کہ وہ اپنے وکیل کے ہمراہ حاضر ہوں اور جواب دعویٰ داخل کریں۔ نوٹس بنام عام اطلاع دی جاتی ہے کہ سائل نے دعویٰ دائر کر رکھا ہے جس کی سماعت عدالت ہذا میں مقرر ہے لہذا بذریعہ اشتہار اطلاع دی جاتی ہے
جینگ نمبر22
نوٹس بنام عام اطلاع دی جاتی ہے کہ سائل نے دعویٰ دائر کر رکھا ہے جس کی سماعت عدالت ہذا میں مقرر ہے لہذا بذریعہ اشتہار اطلاع دی جاتی ہے کہ بتاریخ مقررہ عدالت میں حاضر ہو کر پیروی کریں بصورت دیگر کارروائی یکطرفہ عمل میں لائی جائے گی گواہان کو بھی بلایا گیا ہے اور مقدمہ کی سماعت مقررہ تاریخ پر ہوگی۔ متعلقہ فریقین کو مطلع کیا جاتا ہے کہ وہ اپنے وکیل کے ہمراہ حاضر ہوں اور جواب دعویٰ داخل کریں۔ نوٹس بنام عام اطلاع دی جاتی ہے کہ سائل نے دعویٰ دائر کر رکھا ہے جس کی سماعت عدالت ہذا میں مقرر ہے لہذا بذریعہ اشتہار اطلاع دی جاتی ہے کہ بتاریخ مقررہ عدالت میں حاضر ہو کر پیروی کریں بصورت دیگر کارروائی یکطرفہ عمل میں لائی جائے گی گواہان کو بھی بلایا گیا ہے اور مقدمہ کی سماعت مقررہ تاریخ پر ہوگی۔ متعلقہ فریقین کو مطلع کیا جاتا ہے کہ وہ اپنے وکیل کے ہمراہ حاضر ہوں اور جواب دعویٰ داخل کریں۔ نوٹس بنام عام اطلاع دی جاتی ہے کہ سائل نے دعویٰ دائر کر رکھا ہے جس کی سماعت عدالت ہذا میں مقرر ہے لہذا بذریعہ اشتہار اطلاع دی جاتی ہے کہ بتاریخ مقررہ عدالت میں حاضر ہو کر پیروی کریں بصورت دیگر کارروائی یکطرفہ عمل میں لائی جائے گی گواہان کو بھی بلایا گیا ہے اور مقدمہ کی سماعت مقررہ تاریخ پر ہوگی۔ متعلقہ فریقین کو مطلع کیا جاتا ہے کہ وہ اپنے وکیل کے ہمراہ حاضر ہوں اور جواب دعویٰ داخل کریں۔ نوٹس بنام عام اطلاع دی جاتی ہے کہ سائل نے دعویٰ دائر کر رکھا ہے جس کی سماعت عدالت ہذا میں مقرر ہے لہذا بذریعہ اشتہار اطلاع دی جاتی ہے کہ بتاریخ مقررہ عدالت میں حاضر ہو کر پیروی کریں بصورت دیگ
جینگ نمبر23
نوٹس بنام عام اطلاع دی جاتی ہے کہ سائل نے دعویٰ دائر کر رکھا ہے جس کی سماعت عدالت ہذا میں مقرر ہے لہذا بذریعہ اشتہار اطلاع دی جاتی ہے کہ بتاریخ مقررہ عدالت میں حاضر ہو کر پیروی کریں بصورت دیگر کارروائی یکطرفہ عمل میں لائی جائے گی گواہان کو بھی بلایا گیا ہے اور مقدمہ کی سماعت مقررہ تاریخ پر ہوگی۔ متعلقہ فریقین کو مطلع کیا جاتا ہے کہ وہ اپنے وکیل کے ہمراہ حاضر ہوں اور جواب دعویٰ داخل کریں۔ نوٹس بنام عام اطلاع دی جاتی ہے کہ سائل نے دعویٰ دائر کر رکھا ہے جس کی سماعت عدالت ہذا میں مقرر ہے لہذا بذریعہ اشتہار اطلاع دی جاتی ہے کہ بتاریخ مقررہ عدالت میں حاضر ہو کر پیروی کریں بصورت دیگر کارروائی یکطرفہ عمل میں لائی جائے گی گواہان کو بھی بلایا گیا ہے اور مقدمہ کی سماعت مقررہ تاریخ پر ہوگی۔ متعلقہ فریقین کو مطلع کیا جاتا ہے کہ وہ اپنے وکیل کے ہمراہ حاضر ہوں اور جواب دعویٰ داخل کریں۔ نوٹس بنام عام اطلاع دی جاتی ہے کہ سائل نے دعویٰ دائر کر رکھا ہے جس کی سماعت عدالت ہذا میں مقرر ہے لہذا بذریعہ اشتہار اطلاع دی جاتی ہے کہ بتاریخ مقررہ عدالت میں حاضر ہو کر پیروی کریں بصورت دیگر کارروائی یکطرفہ عمل میں لائی جائے گی گواہان کو بھی بلایا گیا ہے اور مقدمہ کی سماعت مقررہ تاریخ پر ہوگی۔ متعلقہ فریقین کو مطلع کیا جاتا ہے کہ وہ اپنے وکیل کے ہمراہ حاضر ہوں اور جواب دعویٰ داخل کریں۔ نوٹس بنام عام اطلاع دی جاتی ہے کہ سائل نے دعویٰ دائر کر رکھا ہے جس
جینگ نمبر24
نوٹس بنام عام اطلاع دی جاتی ہے کہ سائل نے دعویٰ دائر کر رکھا ہے جس کی سماعت عدالت ہذا میں مقرر ہے لہذا بذریعہ اشتہار اطلاع دی جاتی ہے کہ بتاریخ مقررہ عدالت میں حاضر ہو کر پیروی کریں بصورت دیگر کارروائی یکطرفہ عمل میں لائی جائے گی گواہان کو بھی بلایا گیا ہے اور مقدمہ کی سماعت مقررہ تاریخ پر ہوگی۔ متعلقہ فریقین کو مطلع کیا جاتا ہے کہ وہ اپنے وکیل کے ہمراہ حاضر ہوں اور جواب دعویٰ داخل کریں۔ نوٹس بنام عام اطلاع دی جاتی ہے کہ سائل نے دعویٰ دائر کر رکھا ہے جس کی سماعت عدالت ہذا میں مقرر ہے لہذا بذریعہ اشتہار اطلاع دی جاتی ہے کہ بتاریخ مقررہ عدالت میں حاضر ہو کر پیروی کریں بصورت دیگر کارروائی یکطرفہ عمل میں لائی جائے گی گواہان کو بھی بلایا گیا ہے اور مقدمہ کی سماعت مقررہ تاریخ پر ہوگی۔ متعلقہ فریقین کو مطلع کیا جاتا ہے کہ وہ اپنے وکیل کے ہمراہ حاضر ہوں اور جواب دعویٰ داخل کریں۔ نوٹس بنام عام اطلاع دی جاتی ہے کہ سائل نے دعویٰ دائر کر رکھا ہے جس کی سماعت عدالت ہذا میں مقرر ہے لہذا بذریعہ اشتہار اطلاع دی جاتی ہے کہ بتاریخ مقررہ عدالت میں حاضر ہو کر پیروی کریں بصورت دیگر کارروائی یکطرفہ عمل میں لائی جائے گی گواہان کو بھی بلایا گیا ہے اور مقدمہ کی سماعت مقررہ تاریخ پر ہوگی۔ متعلقہ فریقین کو مطلع کیا جاتا ہے کہ وہ اپنے وکیل کے ہمراہ حاضر ہوں اور جواب دعویٰ داخل کریں۔ نوٹس بنام عام اطلاع دی جاتی ہے کہ سائل نے دعویٰ دائر کر رکھا ہے جس کی سماعت عدالت ہذا میں مقرر ہے لہذا بذریعہ اشتہار اطلاع دی جاتی ہے کہ بتاریخ مقررہ عدالت میں حاضر ہو کر پیروی کریں بصورت دیگر کارروائی یکطرفہ عمل میں لائی جائے گی گواہان کو بھی بلایا گیا ہے اور مقدمہ کی سماعت مقررہ تاریخ پر ہوگی۔ متعلقہ فریقین کو مطلع کیا جاتا ہے کہ وہ اپنے وکیل کے ہمراہ حاضر ہوں اور جواب دعویٰ داخل کریں۔ نوٹس بنام عام اطلاع دی جاتی ہے کہ سائل نے دعویٰ دائر کر رکھا ہے جس کی سماعت عدالت ہذا میں مقرر ہے لہذا بذریعہ اشتہار اطلاع دی جاتی ہے کہ بتاریخ مقررہ عدالت میں حاضر ہو کر پیروی کریں بصورت دیگر کارروائی یکطرفہ عمل میں لائی جائے گی گواہان کو بھی بلایا گیا ہے اور مقدمہ کی سماعت مقررہ تاریخ پر ہوگی۔ متعلقہ فریقین کو مطلع کیا جاتا ہے کہ وہ اپنے وکیل کے ہمراہ حاضر ہوں اور جواب دعویٰ داخل کریں۔ نوٹس بنام عام اطلاع دی جاتی ہے کہ سائل نے دعویٰ دائر کر رکھا ہے جس کی سماعت عدالت ہذا میں مقرر ہے لہذا بذریعہ اشتہار اطلاع دی جاتی ہے کہ بتاریخ مقررہ عدالت میں حاضر ہو کر پیروی کریں بصورت دیگر کارروائی یکطرفہ عمل میں لائی جائے گی گواہان کو بھی بلایا گیا ہے اور مقدمہ کی سماعت مقررہ تاریخ پر ہوگی۔ متعلقہ فریقین کو مطلع کیا جاتا ہے کہ وہ اپنے وکیل کے ہمراہ حاضر ہوں اور جواب دعویٰ داخل کریں۔ نوٹس بنام
جینگ نمبر25
نوٹس بنام عام اطلاع دی جاتی ہے کہ سائل نے دعویٰ دائر کر رکھا ہے جس کی سماعت عدالت ہذا میں مقرر ہے لہذا بذریعہ اشتہار اطلاع د
جینگ نمبر26
نوٹس بنام عام اطلاع دی جاتی ہے کہ سائل نے دعویٰ دائر کر رکھا ہے جس کی سماعت عدالت ہذا میں مقرر ہے لہذا بذریعہ اشتہار اطلاع دی جاتی ہے کہ بتاریخ مقررہ عدالت میں حاضر ہو کر پیروی کریں بصورت دیگر کارروائی یکطرفہ عمل میں لائی جائے گی گواہان کو بھی بلای
جینگ نمبر27
نوٹس بنام عام اطلاع دی جاتی ہے کہ سائل نے دعویٰ دائر کر رکھا ہے جس کی سماعت عدالت ہذا میں مقرر ہے لہذا بذریعہ اشتہار اطلاع دی جاتی ہے کہ بتاریخ مقررہ عدالت میں حاضر ہو کر پیروی کریں بصورت دیگر کارروائی یکطرفہ عمل میں لائی جائے گی گواہان کو بھی بلای
جینگ نمبر28
نوٹس بنام عام اطلاع دی جاتی ہے کہ سائل نے دعویٰ دائر کر رکھا ہے جس کی سماعت عدالت ہذا میں مقرر ہے لہذا بذریعہ اشتہار اطلاع دی جاتی ہے کہ بتاریخ مقررہ عدالت میں حاضر ہو کر پیروی کریں بصورت دیگر کارروائی یکطرفہ عمل میں لائی جائے گی گواہان کو بھی بلای
جینگ نمبر29
نوٹس بنام عام اطلاع دی جاتی ہے کہ سائل نے دعویٰ دائر کر رکھا ہے جس کی سماعت عدالت ہذا میں مقرر ہے لہذا بذریعہ اشتہار اطلاع دی جاتی ہے کہ بتاریخ مقررہ عدالت میں حاضر ہو کر پیروی کریں بصور
جینگ نمبر30
نوٹس بنام عام اطلاع دی جاتی ہے کہ سائل نے دعویٰ دائر کر رکھا ہے جس کی سماعت عدالت ہذا میں مقرر ہے لہذا بذریعہ اشتہار اطلاع دی جاتی ہے کہ بتاریخ مقررہ عدالت میں حاضر ہو کر پیروی کریں بصور
جینگ نمبر31
نوٹس بنام عام اطلاع دی جاتی ہے کہ سائل نے دعویٰ دائر کر رکھا ہے جس کی سماعت عدالت ہذا میں مقرر ہے لہذا بذریعہ اشتہار اطلاع د
جینگ نمبر32
نوٹس بنام عام اطلاع دی جاتی ہے کہ سائل نے دعویٰ دائر کر رکھا ہے جس کی سماعت عدالت ہذا میں مقرر ہے لہذا بذریعہ اشتہار اطلاع د
جینگ نمبر33
نوٹس بنام عام اطلاع دی جاتی ہے کہ سائل نے دعویٰ دائر کر رکھا ہے جس کی سماعت عدالت ہذا میں مقرر ہے لہذا بذریعہ اشتہار اطلاع د
جینگ نمبر34
نوٹس بنام عام اطلاع دی جاتی ہے کہ سائل نے دعویٰ دائر کر رکھا ہے جس کی سماعت عدالت ہذا میں مقرر ہے لہذا بذریعہ اشتہار اطلاع دی جاتی ہے کہ بتاریخ مقررہ عدالت میں حاضر ہو کر پیروی کریں بصور
جینگ نمبر35
نوٹس بنام عام اطلاع دی جاتی ہے کہ سائل نے دعویٰ دائر کر رکھا ہے جس کی سماعت عدالت ہذا میں مقرر ہے لہذا بذریعہ اشتہار اطلاع د
جینگ نمبر36
نوٹس بنام عام اطلاع دی جاتی ہے کہ سائل نے دعویٰ دائر کر رکھا ہے جس کی سماعت عدالت ہذا میں مقرر ہے لہذا بذریعہ اشتہار اطلاع دی جاتی ہے کہ بتاریخ مقررہ عدالت میں حاضر ہو کر پیروی کریں بصورت دیگر کارروائی یکطرفہ عمل میں لائی جائے گی گواہان کو بھی بلایا گیا ہے اور مقدمہ کی سماعت مقررہ تاریخ پر ہوگی۔ متعلقہ فریقین کو مطلع کیا جاتا ہے کہ وہ اپنے وکیل کے ہمراہ حاضر ہوں اور جواب دعویٰ داخل کریں۔ نوٹس بنام عام اطلاع دی جاتی ہے کہ سائل نے دعویٰ دائر کر رکھا ہے جس کی سماعت عدالت ہذا میں مقرر ہے لہذا بذریعہ اشتہار اطلاع دی جاتی ہے کہ بتاریخ مقررہ عدالت میں حاضر ہو کر پیروی کریں بصورت دیگر کارروائی یکطرفہ عمل میں لائی جائے گی گواہان کو بھی بلایا گیا ہے اور مقدمہ کی سماعت مقررہ تاریخ پر ہوگی۔ متعلقہ فریقین کو مطلع کیا جاتا ہے کہ وہ اپنے وکیل کے ہمراہ حاضر ہوں اور جواب دعویٰ داخل کریں۔ نوٹس بنام عام اطلاع دی جاتی ہے کہ سائل نے دعویٰ دائر کر رکھا ہے جس کی سماعت عدالت ہذا
جینگ نمبر37
نوٹس بنام عام اطلاع دی جاتی ہے کہ سائل نے دعویٰ دائر کر رکھا ہے جس کی سماعت عدالت ہذا میں مقرر ہے لہذا بذریعہ اشتہار اطلاع دی جاتی ہے کہ بتاریخ مقررہ عدالت میں حاضر ہو کر پیروی کریں بصورت دیگر کارروائی یکطرفہ عمل میں لائی جائے گی گواہان کو بھی بلایا گیا ہے اور مقدمہ کی سماعت مقررہ تاریخ پر ہوگی۔ متعلقہ فریقین کو مطلع کیا جاتا ہے کہ وہ اپنے وکیل کے ہمراہ حاضر ہوں اور جواب دعویٰ داخل کریں۔ نوٹس بنام عام اطلاع دی جاتی ہے کہ سائل نے دعویٰ دائر کر رکھا ہے جس کی سماعت عدالت ہذا میں مقرر ہے لہذا بذ
جینگ نمبر38
نوٹس بنام عام اطلاع دی جاتی ہے کہ سائل نے دعویٰ دائر کر رکھا ہے جس کی سماعت عدالت ہذا میں مقرر ہے لہذا بذریعہ اشتہار اطلاع دی جاتی ہے کہ بتاریخ مقررہ عدالت میں حاضر ہو کر پیروی کریں بصورت دیگر کارروائی یکطرفہ عمل میں لائی جائے گی گواہان کو بھی بلایا گیا ہے اور مقدمہ کی سماعت مقررہ تاریخ پر ہوگی۔ متعلقہ فریقین کو مطلع کیا جاتا ہے کہ وہ اپنے وکیل کے ہمراہ حاضر ہوں اور جواب دعویٰ داخل کریں۔ نوٹس بنام عام اطلاع دی جاتی ہے کہ سائل نے دعویٰ دائر کر رکھا ہے جس کی سماعت عدالت ہذا میں مقرر ہے لہذا بذریعہ اشتہار اطلاع دی جاتی ہے کہ بتاریخ مقررہ عدالت میں حاضر ہو کر پیروی کریں بصورت دیگر کارروائی یکطرفہ عمل میں لائی جائے گی گواہان کو بھی بلایا گیا ہے اور مقدمہ کی سماعت مقررہ تاریخ پر ہوگی۔ متعلقہ فریقین کو مطلع کیا جاتا ہے کہ وہ اپنے وکیل کے ہمراہ حاضر ہوں اور جواب دعویٰ داخل کریں۔ نوٹس بنام عام اطلاع دی جاتی ہے کہ سائل نے دعویٰ دائر کر رکھا ہے جس کی سماعت عدالت ہذا
جینگ نمبر39
نوٹس بنام عام اطلاع دی جاتی ہے کہ سائل نے دعویٰ دائر کر رکھا ہے جس کی سماعت عدالت ہذا میں مقرر ہے لہذا بذریعہ اشتہار اطلاع دی جاتی ہے کہ بتاریخ مقررہ عدالت میں حاضر ہو کر پیروی کریں بصورت دیگر کارروائی یکطرفہ عمل میں لائی جائے گی گواہان کو بھی بلایا گیا ہے اور مقدمہ کی سماعت مقررہ تاریخ پر ہوگی۔ متعلقہ فریقین کو مطلع کیا جاتا ہے کہ وہ اپنے وکیل کے ہمراہ حاضر ہوں اور جواب دعویٰ داخل کریں۔ نوٹس بنام عام اطلاع دی جاتی ہے کہ سائل نے دعویٰ دائر کر رکھا ہے جس کی سماعت عدالت ہذا میں مقرر ہے لہذا بذریعہ اشتہار اطلاع دی جاتی ہے کہ بتاریخ مقررہ عدالت میں حاضر ہو کر پیروی کریں بصورت دیگر کارروائی یکطرفہ عمل میں لائی جائے گی
جینگ نمبر40
نوٹس بنام عام اطلاع دی جاتی ہے کہ سائل نے دعویٰ دائر کر رکھا ہے جس کی سماعت عدالت ہذا میں مقرر ہے لہذا بذریعہ اشتہار اطلاع دی جاتی ہے کہ بتاریخ مقررہ عدالت میں حاضر ہو کر پیروی کریں بصورت دیگر کارروائی یکطرفہ عمل میں لائی جائے گی گواہان کو بھی بلایا گیا ہے اور مقدمہ کی سماعت مقررہ تاریخ پر ہوگی۔ متعلقہ فریقین کو مطلع کیا جاتا ہے کہ وہ اپنے وکیل کے ہمراہ حاضر ہوں اور جواب دعویٰ داخل کریں۔ نوٹس بنام عام اطلاع دی جاتی ہے کہ سائل نے دعویٰ دائر کر رکھا ہے جس کی سماعت عدالت ہذا میں مقرر ہے لہذا بذریعہ اشتہار اطلاع دی جاتی ہے کہ بتاریخ مقررہ عدالت میں حاضر ہو کر پیروی کریں بصورت دیگر کارروائی یکطرفہ عمل میں لائی جائے گی گواہان کو بھی بلایا گیا ہے اور مقدمہ کی سماعت مقررہ تاریخ پر ہوگی۔ متعلقہ فریقین کو مطلع کیا جاتا ہے کہ وہ اپنے وکیل کے ہمراہ حاضر ہوں اور جواب دعویٰ داخل کریں۔ نوٹس بنام عام اطلاع دی جاتی ہے کہ سائل نے دعویٰ دائر کر رکھا ہے جس کی سماعت عدالت ہذا میں مقرر ہے لہذا بذریعہ اشتہار اطلاع دی جاتی ہے کہ بتاریخ مقررہ عدالت میں حاضر ہو کر پیروی کریں بصورت دیگر کارروائی یکطرفہ عمل میں لائی جائے گی گواہان کو بھی بلایا گیا ہے اور مقدمہ کی سماعت مقررہ تاریخ پر ہوگی۔ متعلقہ فریقین کو مطلع کیا جاتا ہے کہ وہ اپنے وکیل کے ہمراہ حاضر ہوں اور جواب دعویٰ داخل کریں۔ نوٹس بنام عام اطلاع دی جاتی ہے کہ سائل نے دعویٰ دائر کر رکھا ہے جس کی سماعت عدالت ہذا میں مقرر ہے لہذا بذریعہ اشتہار اطلاع دی جاتی ہے کہ بتاریخ مقررہ عدالت میں حاضر ہو کر پیروی کریں بصورت دیگر کارروائی یکطرفہ عمل میں لائی جائے گی گواہان کو بھی بلایا گیا ہے اور مقدمہ کی سماعت مقررہ تاریخ پر ہوگی۔ متعلقہ فریقین کو م
جینگ نمبر41
نوٹس بنام عام اطلاع دی جاتی ہے کہ سائل نے دعویٰ دائر کر رکھا ہے جس کی سماعت عدالت ہذا میں مقرر ہے لہذا بذریعہ اشتہار اطلاع دی جاتی ہے کہ بتاریخ مقررہ عدالت میں حاضر ہو کر پیروی کریں بصورت دیگر کارروائی یکطرفہ عمل میں لائی جائے گی گواہان کو بھی بلایا گیا ہے اور مقدمہ کی سماعت مقررہ تاریخ پر ہوگی۔ متعلقہ فریقین کو مطلع کیا جاتا ہے کہ وہ اپنے وکیل کے ہمراہ حاضر ہوں اور جواب دعویٰ داخل کریں۔ نوٹس بنام عام اطلاع دی جاتی ہے کہ سائل نے دعویٰ دائر کر رکھا ہے جس کی سماعت عدالت ہذا میں مقرر ہے لہذا بذریعہ اشتہار اطلاع دی جاتی ہے کہ بتاریخ مقررہ عدالت میں حاضر ہو کر پیروی کریں بصورت دیگر کارروائی یکطرفہ عمل میں لائی جائے گی گواہان کو بھی بلایا گیا ہے اور مقدمہ کی سماعت مقررہ تاریخ پر ہوگی۔ متعلقہ فریقین کو مطلع کیا جاتا ہے کہ وہ اپنے وکیل کے ہمراہ حاضر ہوں اور جواب دعویٰ داخل کریں۔ نوٹس بنام عام اطلاع دی جاتی ہے کہ سائل نے دعویٰ دائر کر رکھا ہے جس کی سماعت عدالت ہذا میں مقرر ہے لہذا بذریعہ اشتہار اطلاع دی جاتی ہے کہ بتاریخ مقررہ عدالت میں حاضر ہو کر پیروی کریں بصورت دیگر کارروائی یکطرفہ عمل میں لائی جائے گی گواہان کو بھی بلایا گیا ہے اور مقدمہ کی سماعت مقررہ تاریخ پر ہوگی۔ متعلقہ فریقین کو مطلع کیا جاتا ہے کہ وہ اپنے وکیل کے ہمراہ حاضر ہوں اور جواب دعویٰ داخل کریں۔ نوٹس بنام عام اطلاع دی جاتی ہے کہ سائل نے دعویٰ دائر کر رکھا ہے جس
جینگ نمبر42
نوٹس بنام عام اطلاع دی جاتی ہے کہ سائل نے دعویٰ دائر کر رکھا ہے جس کی سماعت عدالت ہذا میں مقرر ہے لہذا بذریعہ اشتہار اطلاع دی جاتی ہے کہ بتاریخ مقررہ عدالت میں حاضر ہو کر پیروی کریں بصورت دیگر کارروائی یکطرفہ عمل میں لائی جائے گی گواہان کو بھی بلایا گیا ہے اور مقدمہ کی سماعت مقررہ تاریخ پر ہوگی۔ متعلقہ فریقین
جینگ نمبر43
نوٹس بنام عام اطلاع دی جاتی ہے کہ سائل نے دعویٰ دائر کر رکھا ہے جس کی سماعت عدالت ہذا میں مقرر ہے لہذا بذریعہ اشتہار اطلاع دی جاتی ہے کہ بتاریخ مقررہ عدالت میں حاضر ہو کر پیروی کریں بصورت دیگر کارروائی یکطرفہ عمل میں لائی جائے گی گواہان کو بھی بلایا گیا ہے اور مقدمہ کی سماعت مقررہ تاریخ پر ہوگی۔ متعلقہ فریقین
جینگ نمبر44
نوٹس بنام عام اطلاع دی جاتی ہے کہ سائل نے دعویٰ دائر کر رکھا ہے جس کی سماعت عدالت ہذا میں مقرر ہے لہذا بذریعہ اشتہار اطلاع دی جاتی ہے کہ بتاریخ مقررہ عدالت میں حاضر ہو کر پیروی کریں بصور
جینگ نمبر45
نوٹس بنام عام اطلاع دی جاتی ہے کہ سائل نے دعویٰ دائر کر رکھا ہے جس کی سماعت عدالت ہذا میں مقرر ہے لہذا بذریعہ اشتہار اطلاع دی جاتی ہے کہ بتاریخ مقررہ عدالت میں حاضر ہو کر پیروی کریں بصورت دیگر کارروائی یکطرفہ عمل میں لائی جائے گی گواہان کو بھی بلایا گیا ہے اور مقدمہ کی سماعت مقررہ تاریخ پر ہوگی۔ متعلقہ فریقین کو مطلع کیا جاتا ہے کہ وہ اپنے وکیل کے ہمراہ حاضر ہوں اور جواب دعویٰ داخل کریں۔ نوٹس بنام عام اطلاع دی جاتی ہے کہ سائل نے دعویٰ دائر کر رکھا ہے جس کی سماعت عدالت ہذا میں مقرر ہے لہذا بذریعہ اشتہار اطلاع دی جاتی ہے کہ بتاریخ مقررہ عدالت میں حاضر ہو کر پیروی کریں بصورت دیگر کارروائی یکطرفہ عمل میں لائی جائے گی گواہان کو بھی بلایا گیا ہے اور مقدمہ کی سماعت مقررہ تاریخ پر
جینگ نمبر46
نوٹس بنام عام اطلاع دی جاتی ہے کہ سائل نے دعویٰ دائر کر رکھا ہے جس کی سماعت عدالت ہذا میں مقرر ہے لہذا بذریعہ اشتہار اطلاع دی جاتی ہے کہ بتاریخ مقررہ عدالت میں حاضر ہو کر پیروی کریں بصورت دیگر کارروائی یکطرفہ عمل میں لائی جائے گی گواہان کو بھی بلایا گیا ہے اور مقدمہ کی سماعت مقررہ تاریخ پر ہوگی۔ متعلقہ فریقین کو مطلع کیا جاتا ہے کہ وہ اپنے وکیل کے ہمراہ حاضر ہوں اور جواب دعویٰ داخل کریں۔ نوٹس بنام عام اطلاع دی جاتی ہے کہ سائل نے دعویٰ دائر کر رکھا ہے جس کی سماعت عدالت ہذا میں مقرر ہے لہذا بذریعہ اشتہار اطلاع دی جاتی ہے کہ بتاریخ مقررہ عدالت میں حاضر ہو کر پیروی کریں بصورت دیگر کارروائی یکطرفہ عمل میں لائی جائے گی گواہان کو بھی بلایا گیا ہے اور مقدمہ کی سماعت مقررہ تاریخ پر ہوگی۔ متعلقہ فریقین کو مطلع کیا جاتا ہے کہ وہ اپنے وکیل کے ہمراہ حاضر ہوں اور جواب دعویٰ داخل کریں۔ نوٹس بنام عام اطلاع دی جاتی ہے کہ سائل نے دعویٰ دائر کر رکھا ہے جس کی سماعت عدالت ہذا میں مقرر ہے لہذا بذریعہ اشتہار اطلاع دی جاتی ہے کہ بتاریخ مقررہ عدالت میں حاضر ہو کر پیروی کریں بصورت دیگر کارروائی یکطرفہ عمل میں لائی جائے گی گواہان کو بھی بلایا گیا ہے اور مقدمہ کی سماعت مقررہ تاریخ پر ہوگی۔ متعلقہ فریقین کو مطلع کیا جاتا ہے کہ
جینگ نمبر47
نوٹس بنام عام اطلاع دی جاتی ہے کہ سائل نے دعویٰ دائر کر رکھا ہے جس کی سماعت عدالت ہذا میں مقرر ہے لہذا بذریعہ اشتہار اطلاع دی جاتی ہے کہ بتاریخ مقررہ عدالت میں حاضر ہو کر پیروی کریں بصورت دیگر کارروائی یکطرفہ عمل میں لائی جائے گی گواہان کو بھی بلایا گیا ہے اور مقدمہ کی سماعت مقررہ تاریخ پر ہوگی۔ متعلقہ فریقین کو مطلع کیا جاتا ہے کہ وہ اپنے وکیل کے ہمراہ حاضر ہوں اور جوا
جینگ نمبر48
نوٹس بنام عام اطلاع دی جاتی ہے کہ سائل نے دعویٰ دائر کر رکھا ہے جس کی سماعت عدالت ہذا میں مقرر ہے لہذا بذریعہ اشتہار اطلاع دی جاتی ہے کہ بتاریخ مقررہ عدالت میں حاضر ہو کر پیروی کریں بصورت دیگر کارروائی یکطرفہ عمل میں لائی جائے گی گواہان کو بھی بلایا گیا ہے اور مقدمہ کی سماعت مقررہ تاریخ پر ہوگی۔ متعلقہ فریقین
جینگ نمبر49
نوٹس بنام عام اطلاع دی جاتی ہے کہ سائل نے دعویٰ دائر کر رکھا ہے جس کی سماعت عدالت ہذا میں مقرر ہے لہذا بذریعہ اشتہار اطلاع دی جاتی ہے کہ بتاریخ مقررہ عدالت میں حاضر ہو کر پیروی کریں بصور
جینگ نمبر50
نوٹس بنام عام اطلاع دی جاتی ہے کہ سائل نے دعویٰ دائر کر رکھا ہے جس کی سماعت عدالت ہذا میں مقرر ہے لہذا بذریعہ اشتہار اطلاع دی جاتی ہے کہ بتاریخ مقررہ عدالت میں حاضر ہو کر پیروی کریں بصورت دیگر کارروائی یکطرفہ عمل میں لائی جائے گی گواہان کو بھی بلایا گیا ہے اور مقدمہ کی سماعت مقررہ تاریخ پر ہوگی۔ متعلقہ فریقین کو مطلع کیا جاتا ہے کہ وہ اپنے وکیل کے ہمراہ حاضر ہوں اور جواب دعویٰ داخل کریں۔ نوٹس بنام عام اطلاع دی جاتی ہے کہ سائل نے دعویٰ دائر کر رکھا ہے جس کی سماعت عدالت ہذا میں مقرر ہے لہذا بذ
جینگ نمبر51
نوٹس بنام عام اطلاع دی جاتی ہے کہ سائل نے دعویٰ دائر کر رکھا ہے جس کی سماعت عدالت ہذا میں مقرر ہے لہذا بذریعہ اشتہار اطلاع دی جاتی ہے کہ بتاریخ مقررہ عدالت میں حاضر ہو کر پیروی کریں بصورت دیگر کارروائی یکطرفہ عمل میں لائی جائے گی گواہان کو بھی بلایا گیا ہے اور مقدمہ کی سماعت مقررہ تاریخ پر ہوگی۔ متعلقہ فریقین
جینگ نمبر52
نوٹس بنام عام اطلاع دی جاتی ہے کہ سائل نے دعویٰ دائر کر رکھا ہے جس کی سماعت عدالت ہذا میں مقرر ہے لہذا بذریعہ اشتہار اطلاع دی جاتی ہے کہ بتاریخ مقررہ عدالت میں حاضر ہو کر پیروی کریں بصورت دیگر کارروائی یکطرفہ عمل میں لائی جائے گی گواہان کو بھی بلایا گیا ہے اور مقدمہ کی سماعت مقررہ تاریخ پر ہوگی۔ متعلقہ فریقین کو مطلع کیا جاتا ہے کہ وہ اپنے وکیل کے ہمراہ حاضر ہوں اور جواب دعویٰ داخل کریں۔ نوٹس بنام عام اطلاع دی جاتی ہے کہ سائل نے دعویٰ دائر کر رکھا ہے جس کی سماعت عدالت ہذا میں مقرر ہے لہذا بذ
جینگ نمبر53
نوٹس بنام عام اطلاع دی جاتی ہے کہ سائل نے دعویٰ دائر کر رکھا ہے جس کی سماعت عدالت ہذا میں مقرر ہے لہذا بذریعہ اشتہار اطلاع دی جاتی ہے کہ بتاریخ مقررہ عدالت میں حاضر ہو کر پیروی کریں بصورت دیگر کارروائی یکطرفہ عمل میں لائی جائے گی گواہان کو بھی بلایا گیا ہے اور مقدمہ کی سماعت مقررہ تاریخ پر ہوگی۔ متعلقہ فریقین کو مطلع کیا جاتا ہے کہ وہ اپنے وکیل کے ہمراہ حاضر ہوں اور جواب دعویٰ داخل کریں۔ نوٹس بنام عام اطلاع دی جاتی ہے کہ سائل نے دعویٰ دائر کر رکھا ہے جس کی سماعت عدالت ہذا میں مقرر ہے لہذا بذریعہ اشتہار اطلاع دی جاتی ہے کہ بتاریخ مقررہ عدالت میں حاضر ہو کر پیروی کریں بصورت دیگر کارروائی یکطرفہ عمل میں لائی جائے گی گواہان کو بھی بلایا گیا ہے اور مقدمہ کی سماعت مقررہ تاریخ پر
جینگ نمبر54
نوٹس بنام عام اطلاع دی جاتی ہے کہ سائل نے دعویٰ دائر کر رکھا ہے جس کی سماعت عدالت ہذا میں مقرر ہے لہذا بذریعہ اشتہار اطلاع دی جاتی ہے کہ بتاریخ مقررہ عدالت میں حاضر ہو کر پیروی کریں بصورت دیگر کارروائی یکطرفہ عمل میں لائی جائے گی گواہان کو بھی بلایا گیا ہے اور مقدمہ کی سماعت مقررہ تاریخ پر ہوگی۔ متعلقہ فریقین کو مطلع کیا جاتا ہے کہ وہ اپنے وکیل کے ہمراہ حاضر ہوں اور جوا
جینگ نمبر55
نوٹس بنام عام اطلاع دی جاتی ہے کہ سائل نے دعویٰ دائر کر رکھا ہے جس کی سماعت عدالت ہذا میں مقرر ہے لہذا بذریعہ اشتہار اطلاع دی جاتی ہے کہ بتاریخ مقررہ عدالت میں حاضر ہو کر پیروی کریں بصورت دیگر کارروائی یکطرفہ عمل میں لائی جائے گی گواہان کو بھی بلایا گیا ہے اور مقدمہ کی سماعت مقررہ تاریخ پر ہوگی۔ متعلقہ فریقین کو مطلع کیا جاتا ہے کہ وہ اپنے وکیل کے ہمراہ حاضر ہوں اور جواب دعویٰ داخل کریں۔ نوٹس بنام عام اطلاع دی جاتی ہے کہ سائل نے دعویٰ دائر کر رکھا ہے جس کی سماعت عدالت ہذا میں مقرر ہے لہذا بذریعہ اشتہار اطلاع دی جاتی ہے کہ بتاریخ مقررہ عدالت میں حاضر ہو کر پیروی کریں بصورت دیگر کارروائی یکطرفہ عمل میں لائی جائے گی گواہان کو بھی بلایا گیا ہے اور مقدمہ کی سماعت مقررہ تاریخ پر
جینگ نمبر56
نوٹس بنام عام اطلاع دی جاتی ہے کہ سائل نے دعویٰ دائر کر رکھا ہے جس کی سماعت عدالت ہذا میں مقرر ہے لہذا بذریعہ اشتہار اطلاع دی جاتی ہے کہ بتاریخ مقررہ عدالت میں حاضر ہو کر پیروی کریں بصورت دیگر کارروائی یکطرفہ عمل میں لائی جائے گی گواہان کو بھی بلایا گیا ہے اور مقدمہ کی سماعت مقررہ تاریخ پر ہوگی۔ متعلقہ فریقین کو مطلع کیا جاتا ہے کہ وہ اپنے وکیل کے ہمراہ حاضر ہوں اور جواب دعویٰ داخل کریں۔ نوٹس بنام عام اطلاع دی جاتی ہے کہ سائل نے دعویٰ دائر کر رکھا ہے جس کی سماعت عدالت ہذا میں مقرر ہے لہذا بذریعہ اشتہار اطلاع دی جاتی ہے کہ بتاریخ مقررہ عدالت میں حاضر ہو کر پیروی کریں بصورت دیگر کارروائی یکطرفہ عمل میں لائی جائے گی گواہان کو بھی بلایا گیا ہے اور مقدمہ کی سماعت مقررہ تاریخ پر ہوگی۔ متعلقہ فریقین کو مطلع کیا جاتا ہے کہ وہ اپنے وکیل کے ہمراہ حاضر ہوں اور جواب دعویٰ داخل کریں۔ نوٹس بنام عام اطلاع دی جاتی ہے کہ سائل نے دعویٰ دائر کر رکھا ہے جس کی سماعت عدالت ہذا
تلاش گمشدہ
نوٹس بنام عام اطلاع دی جاتی ہے کہ سائل نے دعویٰ دائر کر رکھا ہے جس کی سماعت عدالت ہذا میں مقرر ہے لہذا بذریعہ اشتہار اطلاع دی جاتی ہے کہ بتاریخ مقررہ عدالت میں حاضر ہو کر پیروی کریں بصورت دیگر کارروائی یکطرفہ عمل میں لائی جائے گی گواہان کو بھی بلایا گیا ہے اور مقدمہ کی سماعت مقررہ تاریخ پر ہوگی۔ متعلقہ فریقین کو مطلع کیا جاتا ہے کہ وہ اپنے وکیل کے ہمراہ حاضر ہوں اور جواب دعویٰ داخل کریں۔ نوٹس بنام عام اطلاع دی جاتی ہے کہ سائل نے د
AKS76274
اطلاع عام
نوٹس بنام عام اطلاع دی جاتی ہے کہ سائل نے دعویٰ دائر کر رکھا ہے جس کی سماعت عدالت ہذا میں مقرر ہے لہذا بذریعہ اشتہار اطلاع دی جاتی ہے کہ بتاریخ مقررہ عدالت میں حاضر ہو کر پیروی کریں بصورت دیگر کارروائی یکطرفہ عمل میں لائی جائے گی گواہان کو بھی بلایا گیا ہے اور مقدمہ کی سماعت مقررہ تاریخ پر ہوگی۔ متعلقہ فریقین کو مطلع کیا جاتا ہے کہ وہ اپنے وکیل کے ہمراہ حاضر ہوں اور جواب دعویٰ داخل کریں۔ نوٹس بنام عام اطلاع دی جاتی ہے کہ سائل نے دعویٰ دائر کر رکھا ہے جس کی سماعت عدالت ہذا میں مقرر ہے لہذا بذریعہ اشتہار اطلاع دی جاتی ہے کہ بتاریخ مقررہ عدالت میں حاضر ہو
0061181126
اطلاع عام
نوٹس بنام عام اطلاع دی جاتی ہے کہ سائل نے دعویٰ دائر کر رکھا ہے جس کی سماعت عدالت ہذا میں مقرر ہے لہذا بذریعہ اشتہار اطلاع دی جاتی ہے کہ بتاریخ مقررہ عدالت میں حاضر ہو کر پیروی کریں بصورت دیگر کارروائی یکطرفہ عمل میں لائی جائے گی گواہان کو بھی بلایا گیا ہے اور مقدمہ کی سماعت مقررہ تاریخ پر ہوگی۔ متعلقہ فریقین کو مطلع کیا جاتا ہے کہ وہ اپنے وکیل کے ہمراہ حاضر ہوں اور جواب دعویٰ داخل کریں۔ نوٹس بنام عام اطلاع دی جاتی ہے کہ سائل نے د
تلاش گمشدہ
نوٹس بنام عام اطلاع دی جاتی ہے کہ سائل نے دعویٰ دائر کر رکھا ہے جس کی سماعت عدالت ہذا میں مقرر ہے لہذا بذریعہ اشتہار اطلاع دی جاتی ہے کہ بتاریخ مقررہ عدالت میں حاضر ہو کر پیروی کریں بصورت دیگر کارروائی یکطرفہ عمل میں لائی جائے گی گواہان کو بھی بلایا گیا ہے اور مقدمہ کی سماعت مقررہ تاریخ پر ہوگی۔ متعلقہ فریقین کو مطلع کیا جاتا ہے کہ وہ اپنے وکیل کے ہمراہ حاضر ہوں اور جواب دعویٰ داخل کریں۔ نوٹس بنام عام اطلاع دی جاتی ہے کہ سائل نے دعویٰ دائر کر رکھا ہے جس کی سماعت عدالت ہذا میں مقرر ہے لہذا بذریعہ اشتہار اطلاع دی جاتی ہے کہ بتاریخ مقررہ عدالت میں حاضر ہو
جینگ نمبر57
نوٹس بنام عام اطلاع دی جاتی ہے کہ سائل نے دعویٰ دائر کر رکھا ہے جس کی سماعت عدالت ہذا میں مقرر ہے لہذا بذریعہ اشتہار اطلاع دی جاتی ہے کہ بتاریخ مقررہ عدالت میں حاضر ہو کر پیروی کریں بصورت دیگر کارروائی یکطرفہ عمل میں لائی جائے گی گواہان کو بھی بلایا گیا ہے اور مقدمہ کی سماعت مقررہ تاریخ پر ہوگی۔ متعلقہ فریقین کو مطلع کیا جاتا ہے کہ وہ اپنے وکیل کے ہمراہ حاضر ہوں اور جوا
جینگ نمبر58
نوٹس بنام عام اطلاع دی جاتی ہے کہ سائل نے دعویٰ دائر کر رکھا ہے جس کی سماعت عدالت ہذا میں مقرر ہے لہذا بذریعہ اشتہار اطلاع دی جاتی ہے کہ بتاریخ مقررہ عدالت میں حاضر ہو کر پیروی کریں بصورت دیگر کارروائی یکطرفہ عمل میں لائی جائے گی گواہان کو بھی بلایا گیا ہے اور مقدمہ کی سماعت مقررہ تاریخ پر ہوگی۔ متعلقہ فریقین کو مطلع کیا جاتا ہے کہ وہ اپنے وکیل کے ہمراہ حاضر ہوں اور جواب دعویٰ داخل کریں۔ نوٹس بنام عام اطلاع دی جاتی ہے کہ سائل نے دعویٰ دائر کر رکھا ہے جس کی سماعت عدالت ہذا میں مقرر ہے لہذا بذریعہ اشتہار اطلاع دی جاتی ہے کہ بتاریخ مقررہ عدالت میں حاضر ہو کر پیروی کریں بصورت دیگر کارروائی یکطرفہ عمل میں لائی جائے گی گواہان کو بھی بلایا گیا ہے اور مقدمہ کی سماعت مقررہ تاریخ پر ہوگی۔ متعلقہ فریقین کو مطلع کیا جاتا ہے کہ وہ اپنے وکیل کے ہمراہ حاضر ہوں اور جواب دعویٰ داخل کریں۔ نوٹس بنام عام اطلاع دی جاتی ہے کہ سائل نے دعویٰ دائر کر رکھا ہے جس کی سماعت عدالت ہذا
جینگ نمبر59
نوٹس بنام عام اطلاع دی جاتی ہے کہ سائل نے دعویٰ دائر کر رکھا ہے جس کی سماعت عدالت ہذا میں مقرر ہے لہذا بذریعہ اشتہار اطلاع دی جاتی ہے کہ بتاریخ مقررہ عدالت میں حاضر ہو کر پیروی کریں بصورت دیگر کارروائی یکطرفہ عمل میں لائی جائے گی گواہان کو بھی بلایا گیا ہے اور مقدمہ کی سماعت مقررہ تاریخ پر ہوگی۔ متعلقہ فریقین
جینگ نمبر60
نوٹس بنام عام اطلاع دی جاتی ہے کہ سائل نے دعویٰ دائر کر رکھا ہے جس کی سماعت عدالت ہذا میں مقرر ہے لہذا بذریعہ اشتہار اطلاع د
جینگ نمبر61
نوٹس بنام عام اطلاع دی جاتی ہے کہ سائل نے دعویٰ دائر کر رکھا ہے جس کی سماعت عدالت ہذا میں مقرر ہے لہذا بذریعہ اشتہار اطلاع دی جاتی ہے کہ بتاریخ مقررہ عدالت میں حاضر ہو کر پیروی کریں بصورت دیگر کارروائی یکطرفہ عمل میں لائی جائے گی گواہان کو بھی بلایا گیا ہے اور مقدمہ کی سماعت مقررہ تاریخ پر ہوگی۔ متعلقہ فریقین کو مطلع کیا جاتا ہے کہ وہ اپنے وکیل کے ہمراہ حاضر ہوں اور جواب دعویٰ داخل کریں۔ نوٹس بنام عام اطلاع دی جاتی ہے کہ سائل نے دعویٰ دائر کر رکھا ہے جس کی سماعت عدالت ہذا میں مقرر ہے لہذا بذریعہ اشتہار اطلاع دی جاتی ہے کہ بتاریخ مقررہ عدالت میں حاضر ہو کر پیروی کریں بصورت دیگر کارروائی یکطرفہ عمل میں لائی جائے گی گواہان کو بھی بلایا گیا ہے اور مقدمہ کی سماعت مقررہ تاریخ پر ہوگی۔ متعلقہ فریقین کو مطلع کیا جاتا ہے کہ وہ اپنے وکیل کے ہمراہ حاضر ہوں اور جواب دعویٰ داخل کریں۔ نوٹس بنام عام اطلاع دی جاتی ہے کہ سائل نے دعویٰ دائر کر رکھا ہے جس کی سماعت عدالت ہذا میں مقرر ہے لہذا بذریعہ اشتہار اطلاع دی جاتی ہے کہ بتاریخ مقررہ عدالت میں حاضر ہو کر پیروی کریں بصورت دیگر کارروائی یکطرفہ ع
